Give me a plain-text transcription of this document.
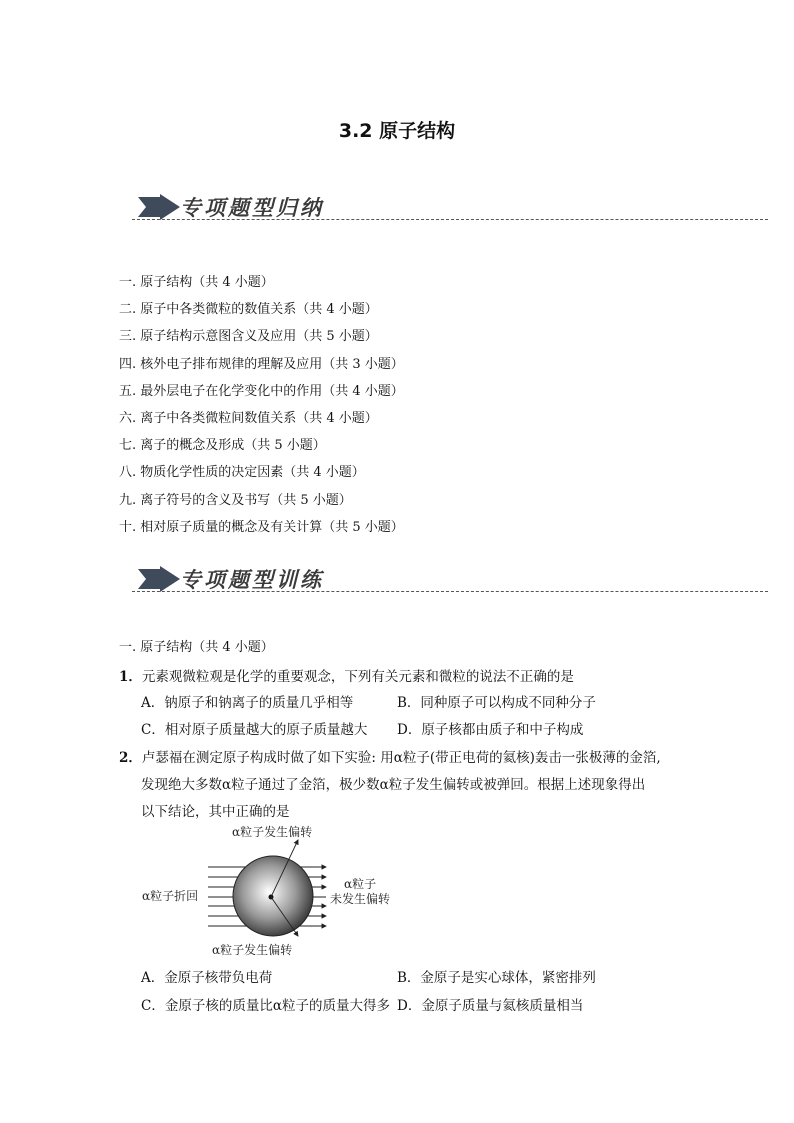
3.2 原子结构
专项题型归纳
一. 原子结构（共 4 小题）
二. 原子中各类微粒的数值关系（共 4 小题）
三. 原子结构示意图含义及应用（共 5 小题）
四. 核外电子排布规律的理解及应用（共 3 小题）
五. 最外层电子在化学变化中的作用（共 4 小题）
六. 离子中各类微粒间数值关系（共 4 小题）
七. 离子的概念及形成（共 5 小题）
八. 物质化学性质的决定因素（共 4 小题）
九. 离子符号的含义及书写（共 5 小题）
十. 相对原子质量的概念及有关计算（共 5 小题）
专项题型训练
一. 原子结构（共 4 小题）
1．元素观微粒观是化学的重要观念，下列有关元素和微粒的说法不正确的是
A．钠原子和钠离子的质量几乎相等	B．同种原子可以构成不同种分子
C．相对原子质量越大的原子质量越大 D．原子核都由质子和中子构成
2．卢瑟福在测定原子构成时做了如下实验: 用α粒子(带正电荷的氦核)轰击一张极薄的金箔,
发现绝大多数α粒子通过了金箔，极少数α粒子发生偏转或被弹回。根据上述现象得出
以下结论，其中正确的是
α粒子发生偏转
α粒子折回
α粒子
未发生偏转
α粒子发生偏转
A．金原子核带负电荷	B．金原子是实心球体，紧密排列
C．金原子核的质量比α粒子的质量大得多 D．金原子质量与氦核质量相当
